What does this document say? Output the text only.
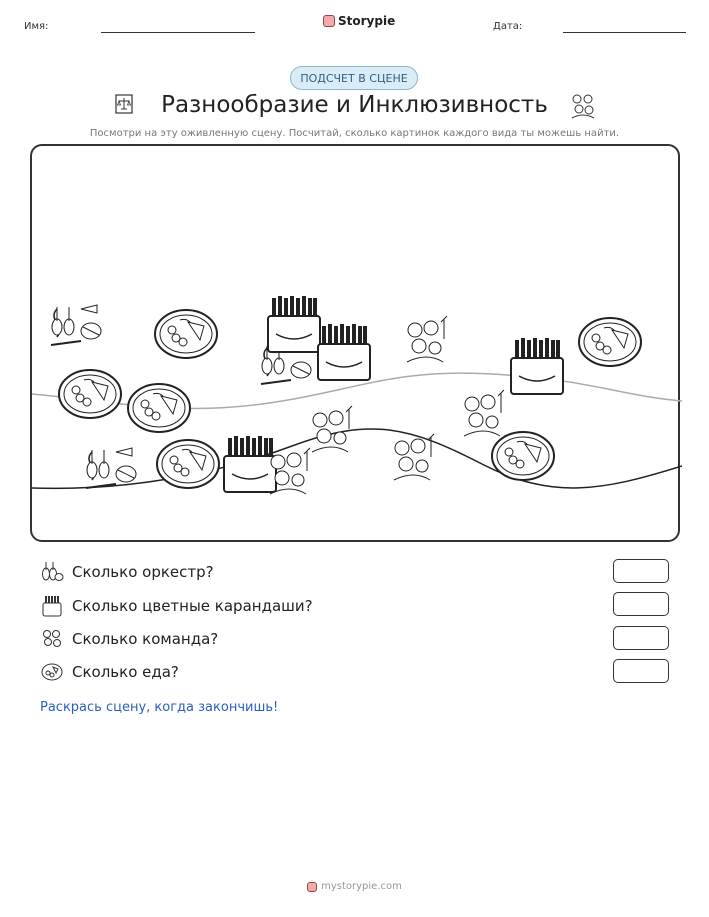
Имя:	Storypie	Дата:
ПОДСЧЕТ В СЦЕНЕ
Разнообразие и Инклюзивность
Посмотри на эту оживленную сцену. Посчитай, сколько картинок каждого вида ты можешь найти.
Сколько оркестр?
Сколько цветные карандаши?
Сколько команда?
Сколько еда?
Раскрась сцену, когда закончишь!
mystorypie.com
